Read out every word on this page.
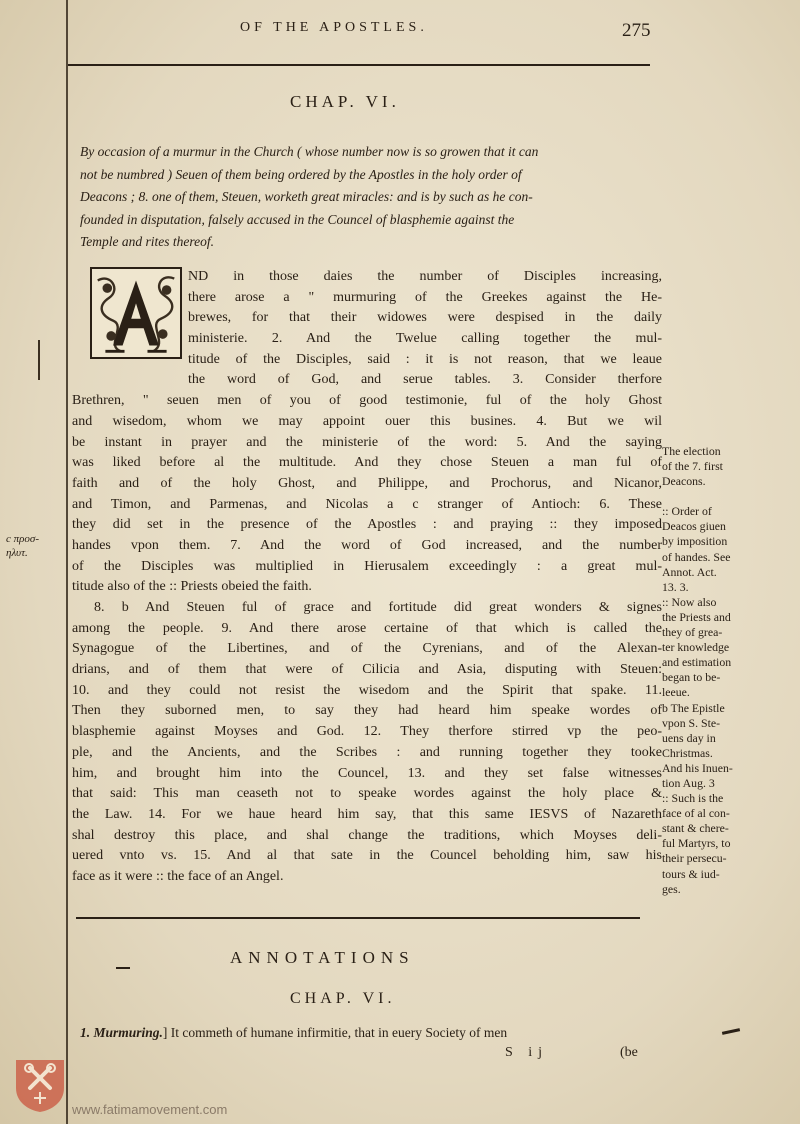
OF THE APOSTLES.	275
CHAP. VI.

By occasion of a murmur in the Church ( whose number now is so growen that it can

not be numbred ) Seuen of them being ordered by the Apostles in the holy order of

Deacons ; 8. one of them, Steuen, worketh great miracles: and is by such as he con-

founded in disputation, falsely accused in the Councel of blasphemie against the

Temple and rites thereof.

ND in those daies the number of Disciples increasing,
there arose a " murmuring of the Greekes against the He-
brewes, for that their widowes were despised in the daily
ministerie. 2. And the Twelue calling together the mul-
titude of the Disciples, said : it is not reason, that we leaue
the word of God, and serue tables. 3. Consider therfore
Brethren, " seuen men of you of good testimonie, ful of the holy Ghost
and wisedom, whom we may appoint ouer this busines. 4. But we wil
be instant in prayer and the ministerie of the word: 5. And the saying
was liked before al the multitude. And they chose Steuen a man ful of
faith and of the holy Ghost, and Philippe, and Prochorus, and Nicanor,
and Timon, and Parmenas, and Nicolas a c stranger of Antioch: 6. These
they did set in the presence of the Apostles : and praying :: they imposed
handes vpon them. 7. And the word of God increased, and the number
of the Disciples was multiplied in Hierusalem exceedingly : a great mul-
titude also of the :: Priests obeied the faith.
8. b And Steuen ful of grace and fortitude did great wonders & signes
among the people. 9. And there arose certaine of that which is called the
Synagogue of the Libertines, and of the Cyrenians, and of the Alexan-
drians, and of them that were of Cilicia and Asia, disputing with Steuen:
10. and they could not resist the wisedom and the Spirit that spake. 11.
Then they suborned men, to say they had heard him speake wordes of
blasphemie against Moyses and God. 12. They therfore stirred vp the peo-
ple, and the Ancients, and the Scribes : and running together they tooke
him, and brought him into the Councel, 13. and they set false witnesses
that said: This man ceaseth not to speake wordes against the holy place &
the Law. 14. For we haue heard him say, that this same IESVS of Nazareth
shal destroy this place, and shal change the traditions, which Moyses deli-
uered vnto vs. 15. And al that sate in the Councel beholding him, saw his
face as it were :: the face of an Angel.
c προσ-
ηλυτ.
The election
of the 7. first
Deacons.
:: Order of
Deacos giuen
by imposition
of handes. See
Annot. Act.
13. 3.
:: Now also
the Priests and
they of grea-
ter knowledge
and estimation
began to be-
leeue.
b The Epistle
vpon S. Ste-
uens day in
Christmas.
And his Inuen-
tion Aug. 3
:: Such is the
face of al con-
stant & chere-
ful Martyrs, to
their persecu-
tours & iud-
ges.
ANNOTATIONS
CHAP. VI.
1. Murmuring.] It commeth of humane infirmitie, that in euery Society of men
S ij	(be
www.fatimamovement.com
